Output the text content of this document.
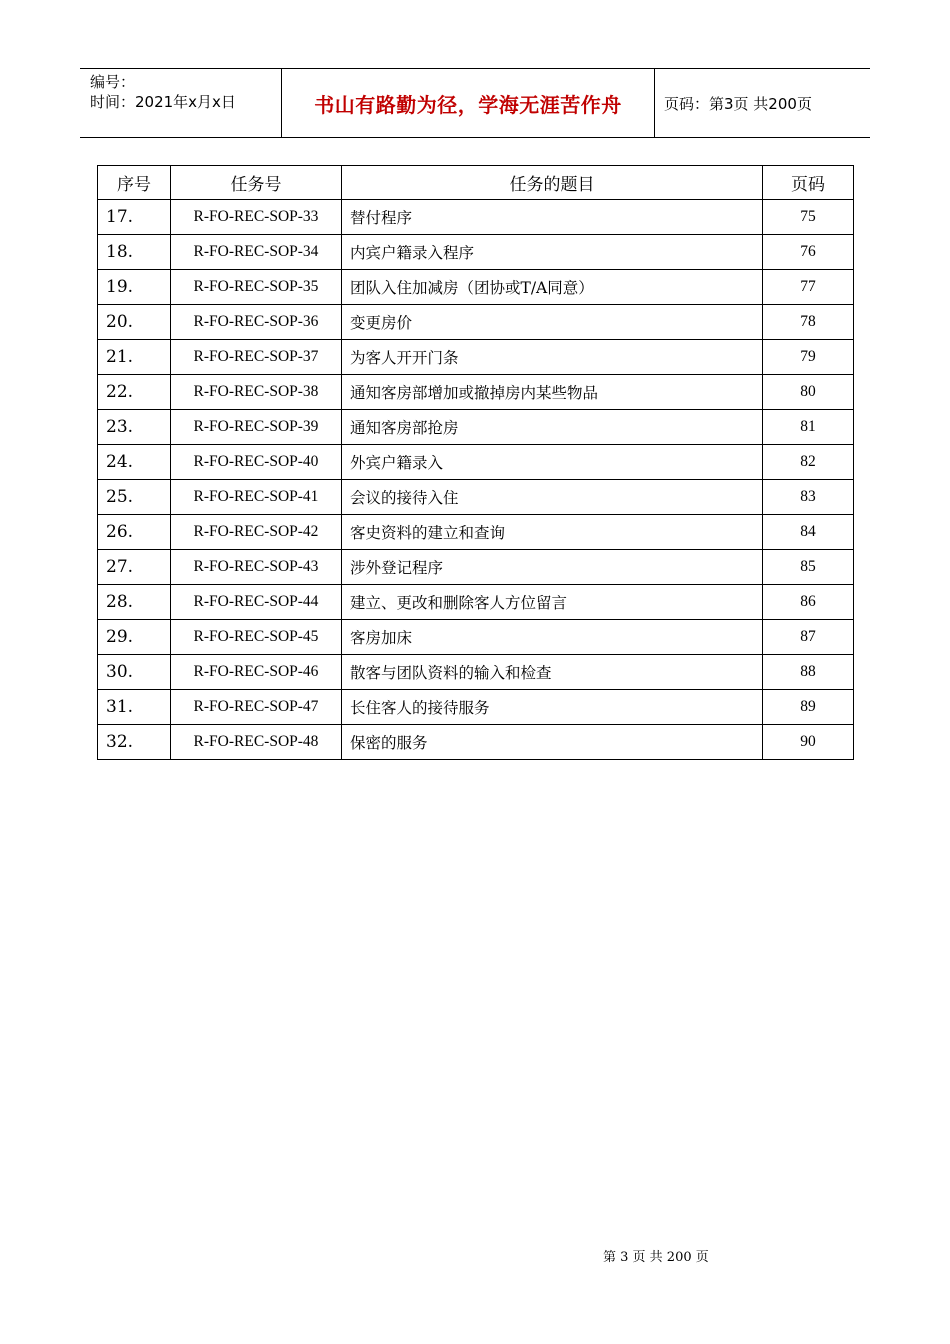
编号：
时间：2021年x月x日	书山有路勤为径，学海无涯苦作舟	页码：第3页 共200页
序号	任务号	任务的题目	页码
17.	R-FO-REC-SOP-33	替付程序	75
18.	R-FO-REC-SOP-34	内宾户籍录入程序	76
19.	R-FO-REC-SOP-35	团队入住加减房（团协或T/A同意）	77
20.	R-FO-REC-SOP-36	变更房价	78
21.	R-FO-REC-SOP-37	为客人开开门条	79
22.	R-FO-REC-SOP-38	通知客房部增加或撤掉房内某些物品	80
23.	R-FO-REC-SOP-39	通知客房部抢房	81
24.	R-FO-REC-SOP-40	外宾户籍录入	82
25.	R-FO-REC-SOP-41	会议的接待入住	83
26.	R-FO-REC-SOP-42	客史资料的建立和查询	84
27.	R-FO-REC-SOP-43	涉外登记程序	85
28.	R-FO-REC-SOP-44	建立、更改和删除客人方位留言	86
29.	R-FO-REC-SOP-45	客房加床	87
30.	R-FO-REC-SOP-46	散客与团队资料的输入和检查	88
31.	R-FO-REC-SOP-47	长住客人的接待服务	89
32.	R-FO-REC-SOP-48	保密的服务	90
第 3 页 共 200 页
